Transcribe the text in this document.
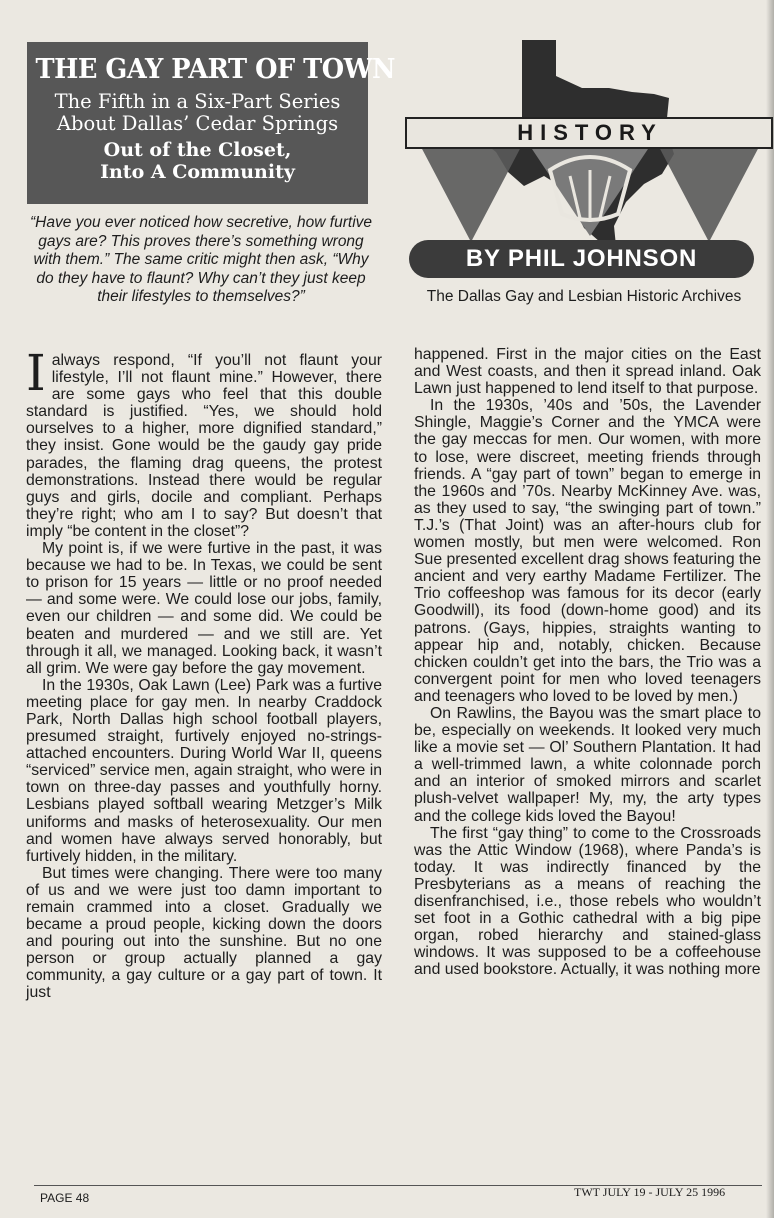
THE GAY PART OF TOWN
The Fifth in a Six-Part Series
About Dallas’ Cedar Springs
Out of the Closet,
Into A Community
“Have you ever noticed how secretive, how furtive gays are? This proves there’s something wrong with them.” The same critic might then ask, “Why do they have to flaunt? Why can’t they just keep their lifestyles to themselves?”
HISTORY
BY PHIL JOHNSON
The Dallas Gay and Lesbian Historic Archives

Ialways respond, “If you’ll not flaunt your lifestyle, I’ll not flaunt mine.” However, there are some gays who feel that this double standard is justified. “Yes, we should hold ourselves to a higher, more dignified standard,” they insist. Gone would be the gaudy gay pride parades, the flaming drag queens, the protest demonstrations. Instead there would be regular guys and girls, docile and compliant. Perhaps they’re right; who am I to say? But doesn’t that imply “be content in the closet”?

My point is, if we were furtive in the past, it was because we had to be. In Texas, we could be sent to prison for 15 years — little or no proof needed — and some were. We could lose our jobs, family, even our children — and some did. We could be beaten and murdered — and we still are. Yet through it all, we managed. Looking back, it wasn’t all grim. We were gay before the gay movement.

In the 1930s, Oak Lawn (Lee) Park was a furtive meeting place for gay men. In nearby Craddock Park, North Dallas high school football players, presumed straight, furtively enjoyed no-strings-attached encounters. During World War II, queens “serviced” service men, again straight, who were in town on three-day passes and youthfully horny. Lesbians played softball wearing Metzger’s Milk uniforms and masks of heterosexuality. Our men and women have always served honorably, but furtively hidden, in the military.

But times were changing. There were too many of us and we were just too damn important to remain crammed into a closet. Gradually we became a proud people, kicking down the doors and pouring out into the sunshine. But no one person or group actually planned a gay community, a gay culture or a gay part of town. It just

happened. First in the major cities on the East and West coasts, and then it spread inland. Oak Lawn just happened to lend itself to that purpose.

In the 1930s, ’40s and ’50s, the Lavender Shingle, Maggie’s Corner and the YMCA were the gay meccas for men. Our women, with more to lose, were discreet, meeting friends through friends. A “gay part of town” began to emerge in the 1960s and ’70s. Nearby McKinney Ave. was, as they used to say, “the swinging part of town.” T.J.’s (That Joint) was an after-hours club for women mostly, but men were welcomed. Ron Sue presented excellent drag shows featuring the ancient and very earthy Madame Fertilizer. The Trio coffeeshop was famous for its decor (early Goodwill), its food (down-home good) and its patrons. (Gays, hippies, straights wanting to appear hip and, notably, chicken. Because chicken couldn’t get into the bars, the Trio was a convergent point for men who loved teenagers and teenagers who loved to be loved by men.)

On Rawlins, the Bayou was the smart place to be, especially on weekends. It looked very much like a movie set — Ol’ Southern Plantation. It had a well-trimmed lawn, a white colonnade porch and an interior of smoked mirrors and scarlet plush-velvet wallpaper! My, my, the arty types and the college kids loved the Bayou!

The first “gay thing” to come to the Crossroads was the Attic Window (1968), where Panda’s is today. It was indirectly financed by the Presbyterians as a means of reaching the disenfranchised, i.e., those rebels who wouldn’t set foot in a Gothic cathedral with a big pipe organ, robed hierarchy and stained-glass windows. It was supposed to be a coffeehouse and used bookstore. Actually, it was nothing more

PAGE 48	TWT JULY 19 - JULY 25 1996
